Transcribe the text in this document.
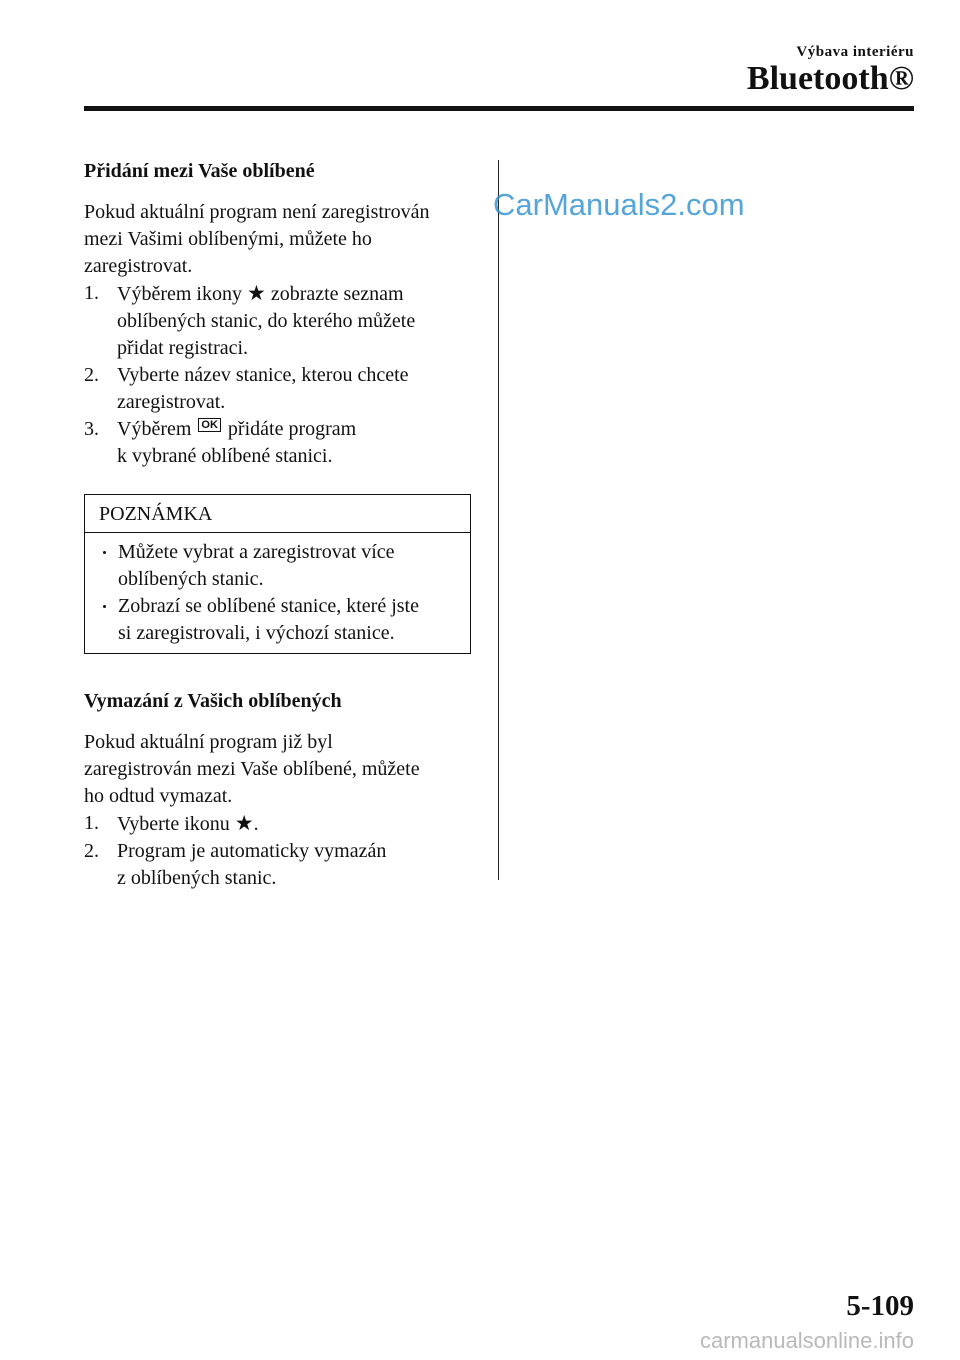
Výbava interiéru
Bluetooth®
Přidání mezi Vaše oblíbené

Pokud aktuální program není zaregistrován

mezi Vašimi oblíbenými, můžete ho

zaregistrovat.

1. Výběrem ikony ★ zobrazte seznam
oblíbených stanic, do kterého můžete
přidat registraci.
2. Vyberte název stanice, kterou chcete
zaregistrovat.
3. Výběrem OK přidáte program
k vybrané oblíbené stanici.
POZNÁMKA
Můžete vybrat a zaregistrovat více
oblíbených stanic.
Zobrazí se oblíbené stanice, které jste
si zaregistrovali, i výchozí stanice.
Vymazání z Vašich oblíbených

Pokud aktuální program již byl

zaregistrován mezi Vaše oblíbené, můžete

ho odtud vymazat.

1. Vyberte ikonu ★.
2. Program je automaticky vymazán
z oblíbených stanic.
CarManuals2.com
5-109
carmanualsonline.info
